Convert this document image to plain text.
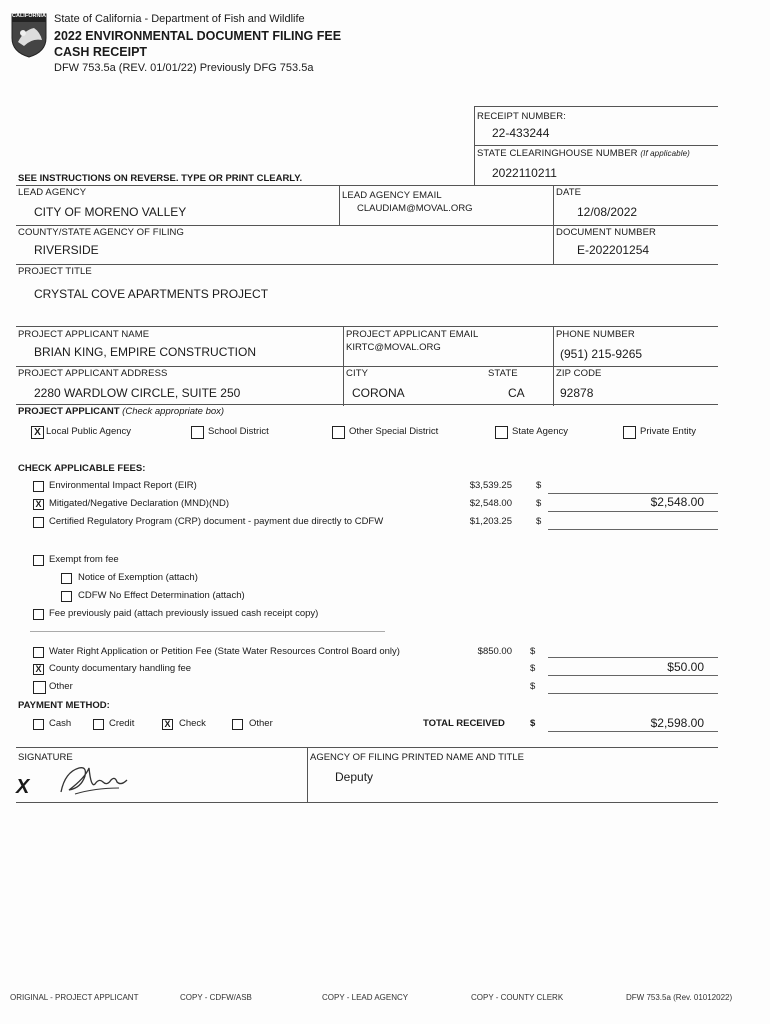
CALIFORNIA State of California - Department of Fish and Wildlife
2022 ENVIRONMENTAL DOCUMENT FILING FEE
CASH RECEIPT
DFW 753.5a (REV. 01/01/22) Previously DFG 753.5a
RECEIPT NUMBER:
22-433244
STATE CLEARINGHOUSE NUMBER (If applicable)
2022110211
SEE INSTRUCTIONS ON REVERSE. TYPE OR PRINT CLEARLY.
LEAD AGENCY
CITY OF MORENO VALLEY
LEAD AGENCY EMAIL
CLAUDIAM@MOVAL.ORG
DATE
12/08/2022
COUNTY/STATE AGENCY OF FILING
RIVERSIDE
DOCUMENT NUMBER
E-202201254
PROJECT TITLE
CRYSTAL COVE APARTMENTS PROJECT
PROJECT APPLICANT NAME
BRIAN KING, EMPIRE CONSTRUCTION
PROJECT APPLICANT EMAIL
KIRTC@MOVAL.ORG
PHONE NUMBER
(951) 215-9265
PROJECT APPLICANT ADDRESS
2280 WARDLOW CIRCLE, SUITE 250
CITY
CORONA
STATE
CA
ZIP CODE
92878
PROJECT APPLICANT (Check appropriate box)
X Local Public Agency	School District	Other Special District	State Agency	Private Entity
CHECK APPLICABLE FEES:
Environmental Impact Report (EIR)	$3,539.25	$
X Mitigated/Negative Declaration (MND)(ND)	$2,548.00	$	$2,548.00
Certified Regulatory Program (CRP) document - payment due directly to CDFW	$1,203.25	$
Exempt from fee
Notice of Exemption (attach)
CDFW No Effect Determination (attach)
Fee previously paid (attach previously issued cash receipt copy)
Water Right Application or Petition Fee (State Water Resources Control Board only)	$850.00 $
X County documentary handling fee	$	$50.00
Other	$
PAYMENT METHOD:
Cash	Credit	X Check	Other	TOTAL RECEIVED	$	$2,598.00
SIGNATURE
X
AGENCY OF FILING PRINTED NAME AND TITLE
Deputy
ORIGINAL - PROJECT APPLICANT	COPY - CDFW/ASB	COPY - LEAD AGENCY	COPY - COUNTY CLERK	DFW 753.5a (Rev. 01012022)
